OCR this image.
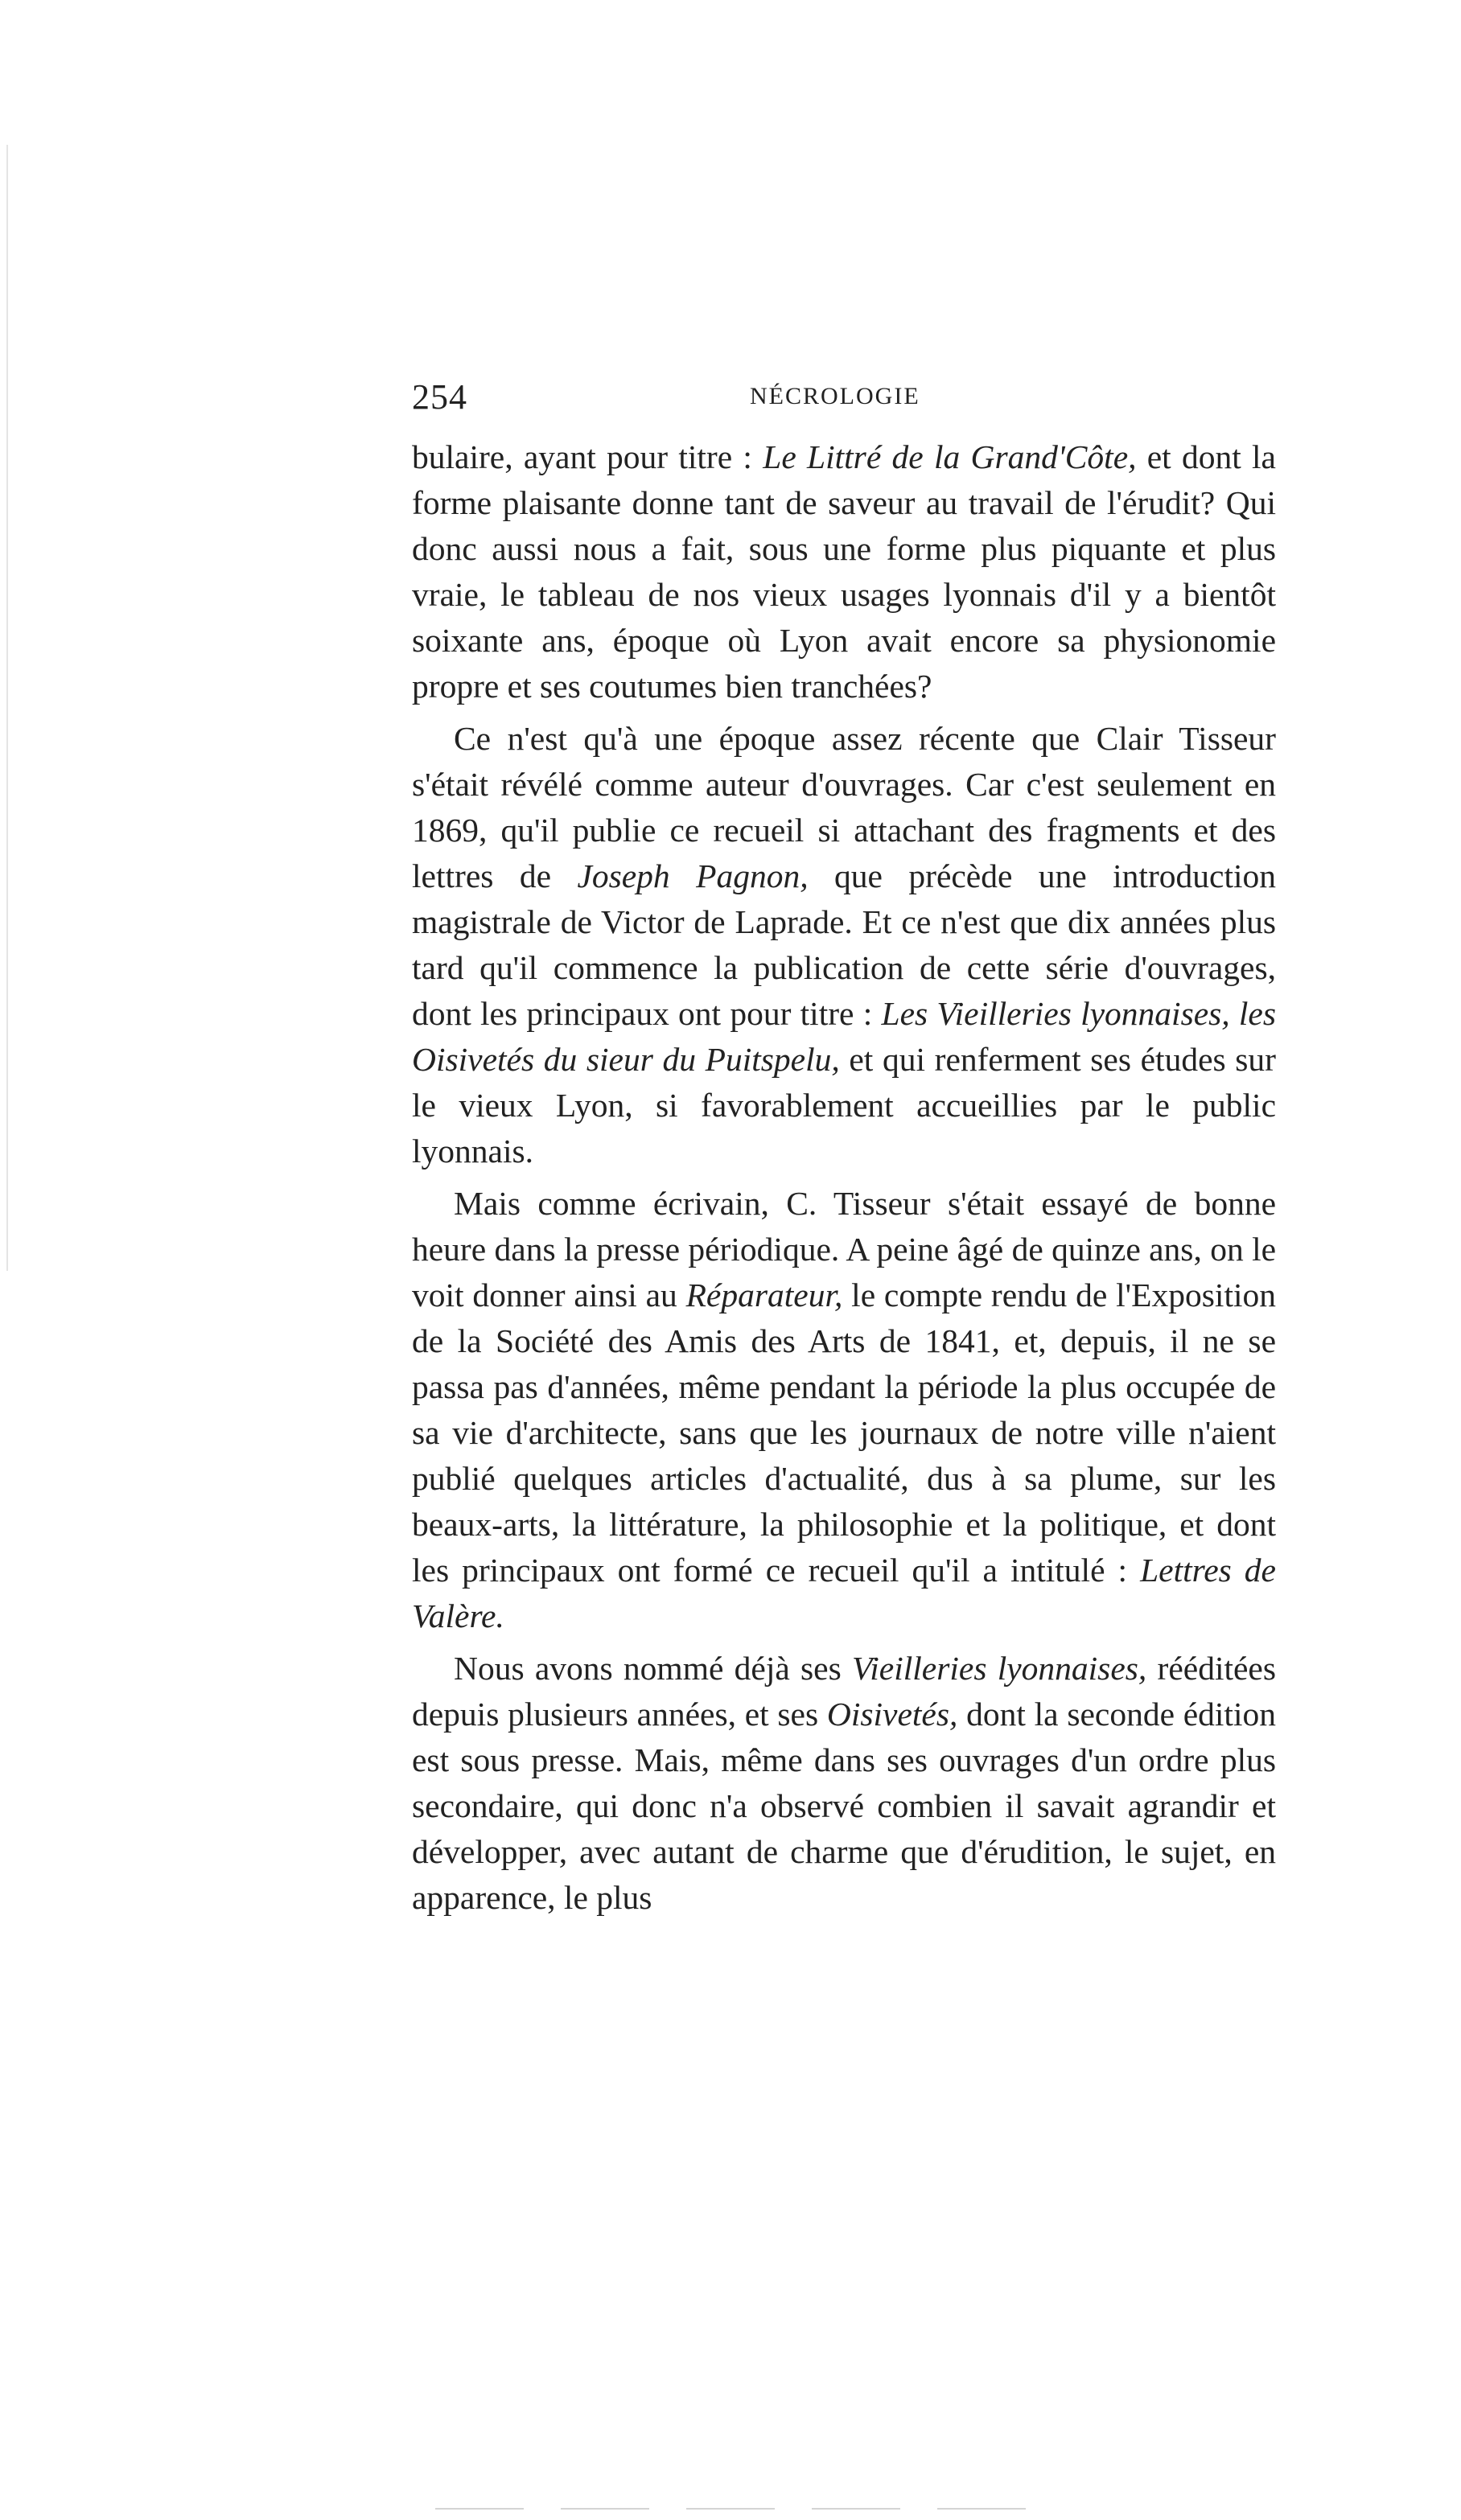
254	NÉCROLOGIE

bulaire, ayant pour titre : Le Littré de la Grand'Côte, et dont la forme plaisante donne tant de saveur au travail de l'érudit? Qui donc aussi nous a fait, sous une forme plus piquante et plus vraie, le tableau de nos vieux usages lyonnais d'il y a bientôt soixante ans, époque où Lyon avait encore sa physionomie propre et ses coutumes bien tranchées?

Ce n'est qu'à une époque assez récente que Clair Tisseur s'était révélé comme auteur d'ouvrages. Car c'est seulement en 1869, qu'il publie ce recueil si attachant des fragments et des lettres de Joseph Pagnon, que précède une introduction magistrale de Victor de Laprade. Et ce n'est que dix années plus tard qu'il commence la publication de cette série d'ouvrages, dont les principaux ont pour titre : Les Vieilleries lyonnaises, les Oisivetés du sieur du Puitspelu, et qui renferment ses études sur le vieux Lyon, si favorablement accueillies par le public lyonnais.

Mais comme écrivain, C. Tisseur s'était essayé de bonne heure dans la presse périodique. A peine âgé de quinze ans, on le voit donner ainsi au Réparateur, le compte rendu de l'Exposition de la Société des Amis des Arts de 1841, et, depuis, il ne se passa pas d'années, même pendant la période la plus occupée de sa vie d'architecte, sans que les journaux de notre ville n'aient publié quelques articles d'actualité, dus à sa plume, sur les beaux-arts, la littérature, la philosophie et la politique, et dont les principaux ont formé ce recueil qu'il a intitulé : Lettres de Valère.

Nous avons nommé déjà ses Vieilleries lyonnaises, rééditées depuis plusieurs années, et ses Oisivetés, dont la seconde édition est sous presse. Mais, même dans ses ouvrages d'un ordre plus secondaire, qui donc n'a observé combien il savait agrandir et développer, avec autant de charme que d'érudition, le sujet, en apparence, le plus
